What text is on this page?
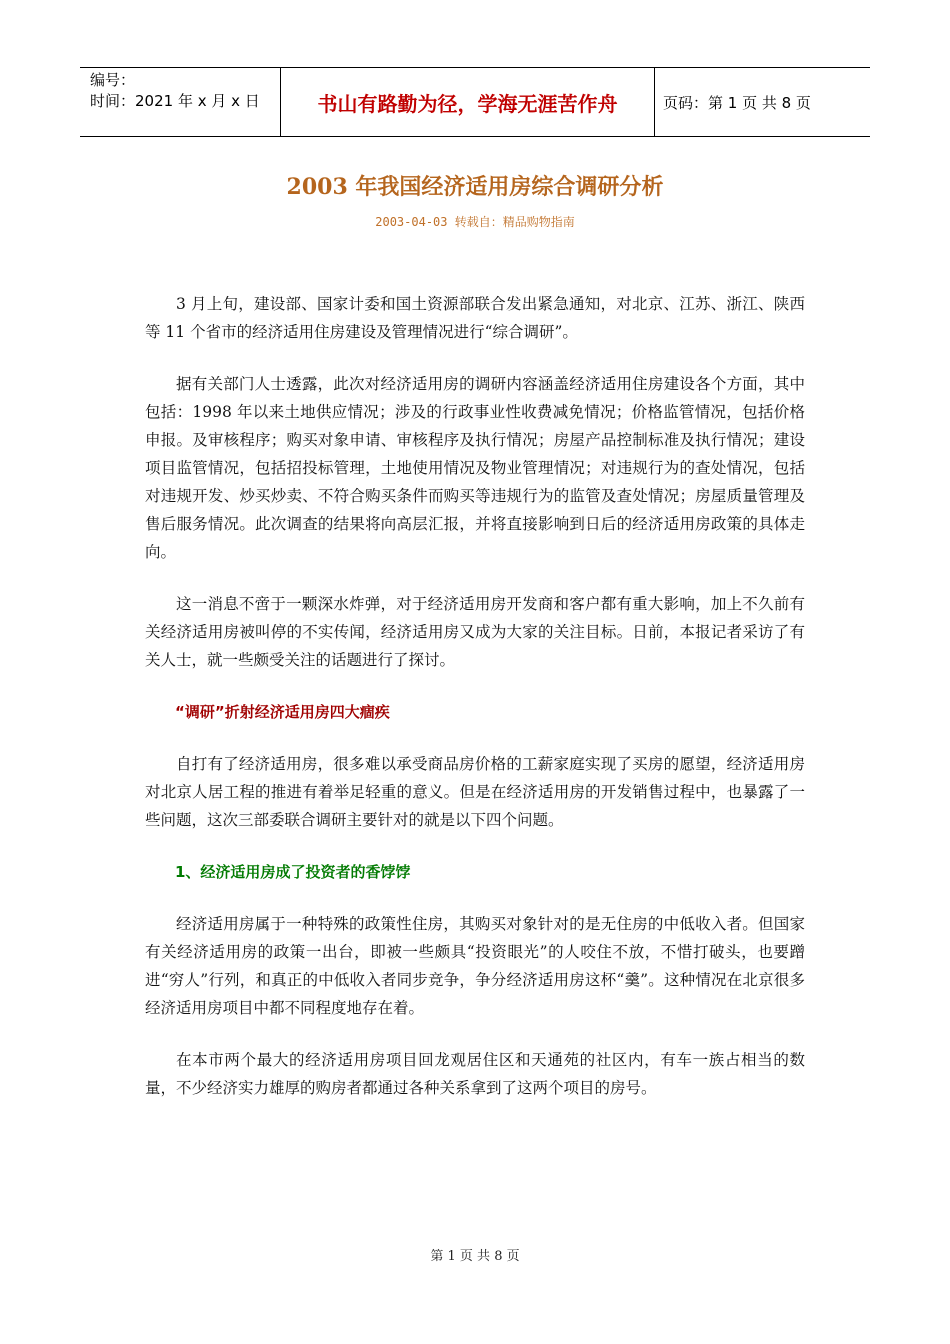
编号：
时间：2021 年 x 月 x 日	书山有路勤为径，学海无涯苦作舟	页码：第 1 页 共 8 页
2003 年我国经济适用房综合调研分析
2003-04-03 转载自：精品购物指南

3 月上旬，建设部、国家计委和国土资源部联合发出紧急通知，对北京、江苏、浙江、陕西等 11 个省市的经济适用住房建设及管理情况进行“综合调研”。

据有关部门人士透露，此次对经济适用房的调研内容涵盖经济适用住房建设各个方面，其中包括：1998 年以来土地供应情况；涉及的行政事业性收费减免情况；价格监管情况，包括价格申报。及审核程序；购买对象申请、审核程序及执行情况；房屋产品控制标准及执行情况；建设项目监管情况，包括招投标管理，土地使用情况及物业管理情况；对违规行为的查处情况，包括对违规开发、炒买炒卖、不符合购买条件而购买等违规行为的监管及查处情况；房屋质量管理及售后服务情况。此次调查的结果将向高层汇报，并将直接影响到日后的经济适用房政策的具体走向。

这一消息不啻于一颗深水炸弹，对于经济适用房开发商和客户都有重大影响，加上不久前有关经济适用房被叫停的不实传闻，经济适用房又成为大家的关注目标。日前，本报记者采访了有关人士，就一些颇受关注的话题进行了探讨。

“调研”折射经济适用房四大痼疾

自打有了经济适用房，很多难以承受商品房价格的工薪家庭实现了买房的愿望，经济适用房对北京人居工程的推进有着举足轻重的意义。但是在经济适用房的开发销售过程中，也暴露了一些问题，这次三部委联合调研主要针对的就是以下四个问题。

1、经济适用房成了投资者的香饽饽

经济适用房属于一种特殊的政策性住房，其购买对象针对的是无住房的中低收入者。但国家有关经济适用房的政策一出台，即被一些颇具“投资眼光”的人咬住不放，不惜打破头，也要蹭进“穷人”行列，和真正的中低收入者同步竞争，争分经济适用房这杯“羹”。这种情况在北京很多经济适用房项目中都不同程度地存在着。

在本市两个最大的经济适用房项目回龙观居住区和天通苑的社区内，有车一族占相当的数量，不少经济实力雄厚的购房者都通过各种关系拿到了这两个项目的房号。

第 1 页 共 8 页
